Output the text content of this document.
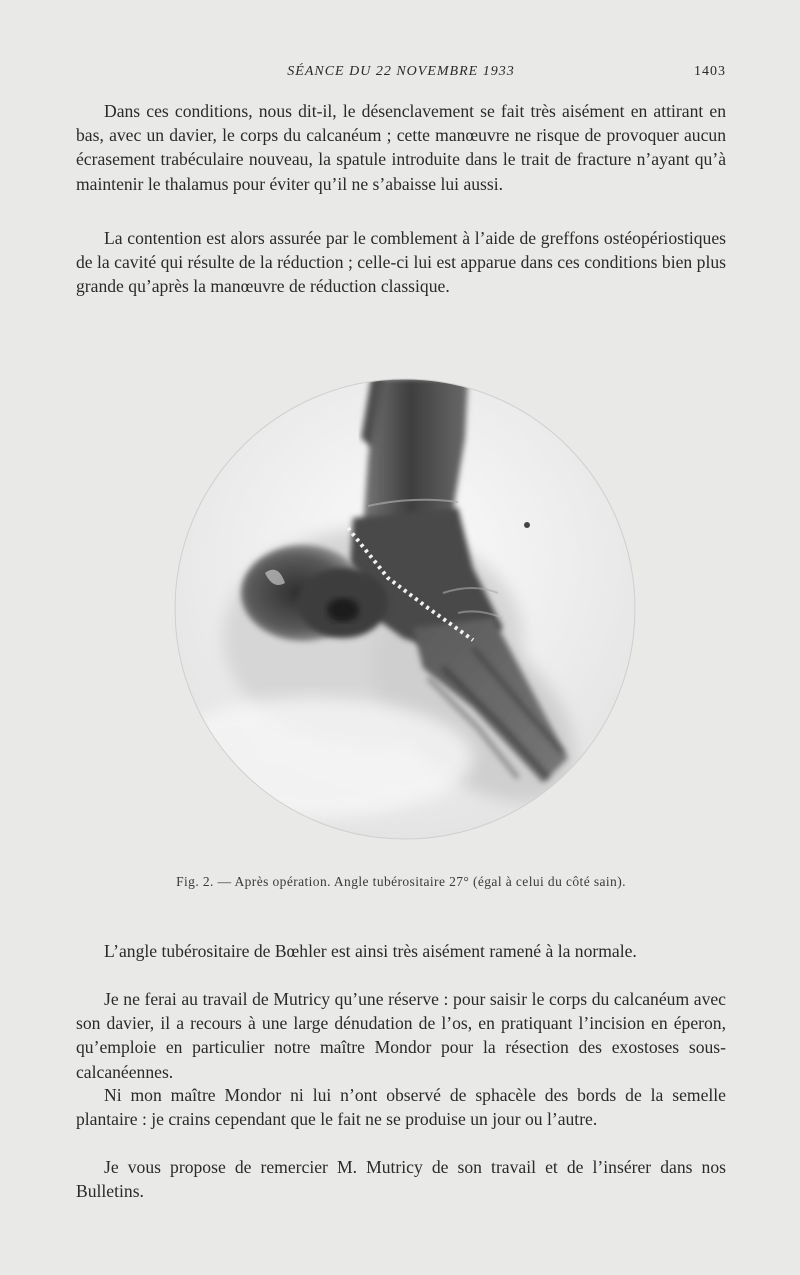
SÉANCE DU 22 NOVEMBRE 1933	1403

Dans ces conditions, nous dit-il, le désenclavement se fait très aisément en attirant en bas, avec un davier, le corps du calcanéum ; cette manœuvre ne risque de provoquer aucun écrasement trabéculaire nouveau, la spatule introduite dans le trait de fracture n’ayant qu’à maintenir le thalamus pour éviter qu’il ne s’abaisse lui aussi.

La contention est alors assurée par le comblement à l’aide de greffons ostéopériostiques de la cavité qui résulte de la réduction ; celle-ci lui est apparue dans ces conditions bien plus grande qu’après la manœuvre de réduction classique.

Fig. 2. — Après opération. Angle tubérositaire 27° (égal à celui du côté sain).

L’angle tubérositaire de Bœhler est ainsi très aisément ramené à la normale.

Je ne ferai au travail de Mutricy qu’une réserve : pour saisir le corps du calcanéum avec son davier, il a recours à une large dénudation de l’os, en pratiquant l’incision en éperon, qu’emploie en particulier notre maître Mondor pour la résection des exostoses sous-calcanéennes.

Ni mon maître Mondor ni lui n’ont observé de sphacèle des bords de la semelle plantaire : je crains cependant que le fait ne se produise un jour ou l’autre.

Je vous propose de remercier M. Mutricy de son travail et de l’insérer dans nos Bulletins.
